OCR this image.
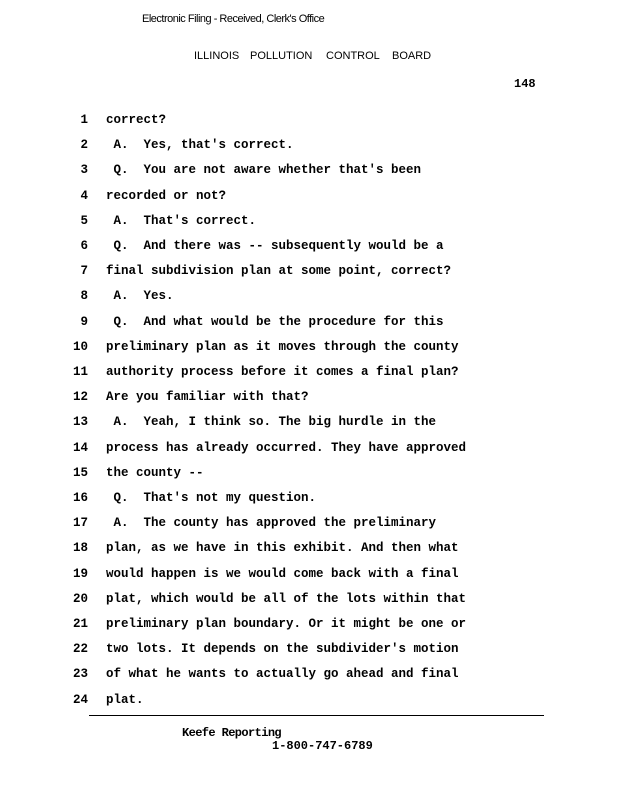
Electronic Filing - Received, Clerk's Office
ILLINOIS POLLUTION	CONTROL	BOARD
148
1 correct?
2 A.  Yes, that's correct.
3 Q.  You are not aware whether that's been
4 recorded or not?
5 A.  That's correct.
6 Q.  And there was -- subsequently would be a
7 final subdivision plan at some point, correct?
8 A.  Yes.
9 Q.  And what would be the procedure for this
10 preliminary plan as it moves through the county
11 authority process before it comes a final plan?
12 Are you familiar with that?
13 A.  Yeah, I think so. The big hurdle in the
14 process has already occurred. They have approved
15 the county --
16 Q.  That's not my question.
17 A.  The county has approved the preliminary
18 plan, as we have in this exhibit. And then what
19 would happen is we would come back with a final
20 plat, which would be all of the lots within that
21 preliminary plan boundary. Or it might be one or
22 two lots. It depends on the subdivider's motion
23 of what he wants to actually go ahead and final
24 plat.
Keefe Reporting
1-800-747-6789
